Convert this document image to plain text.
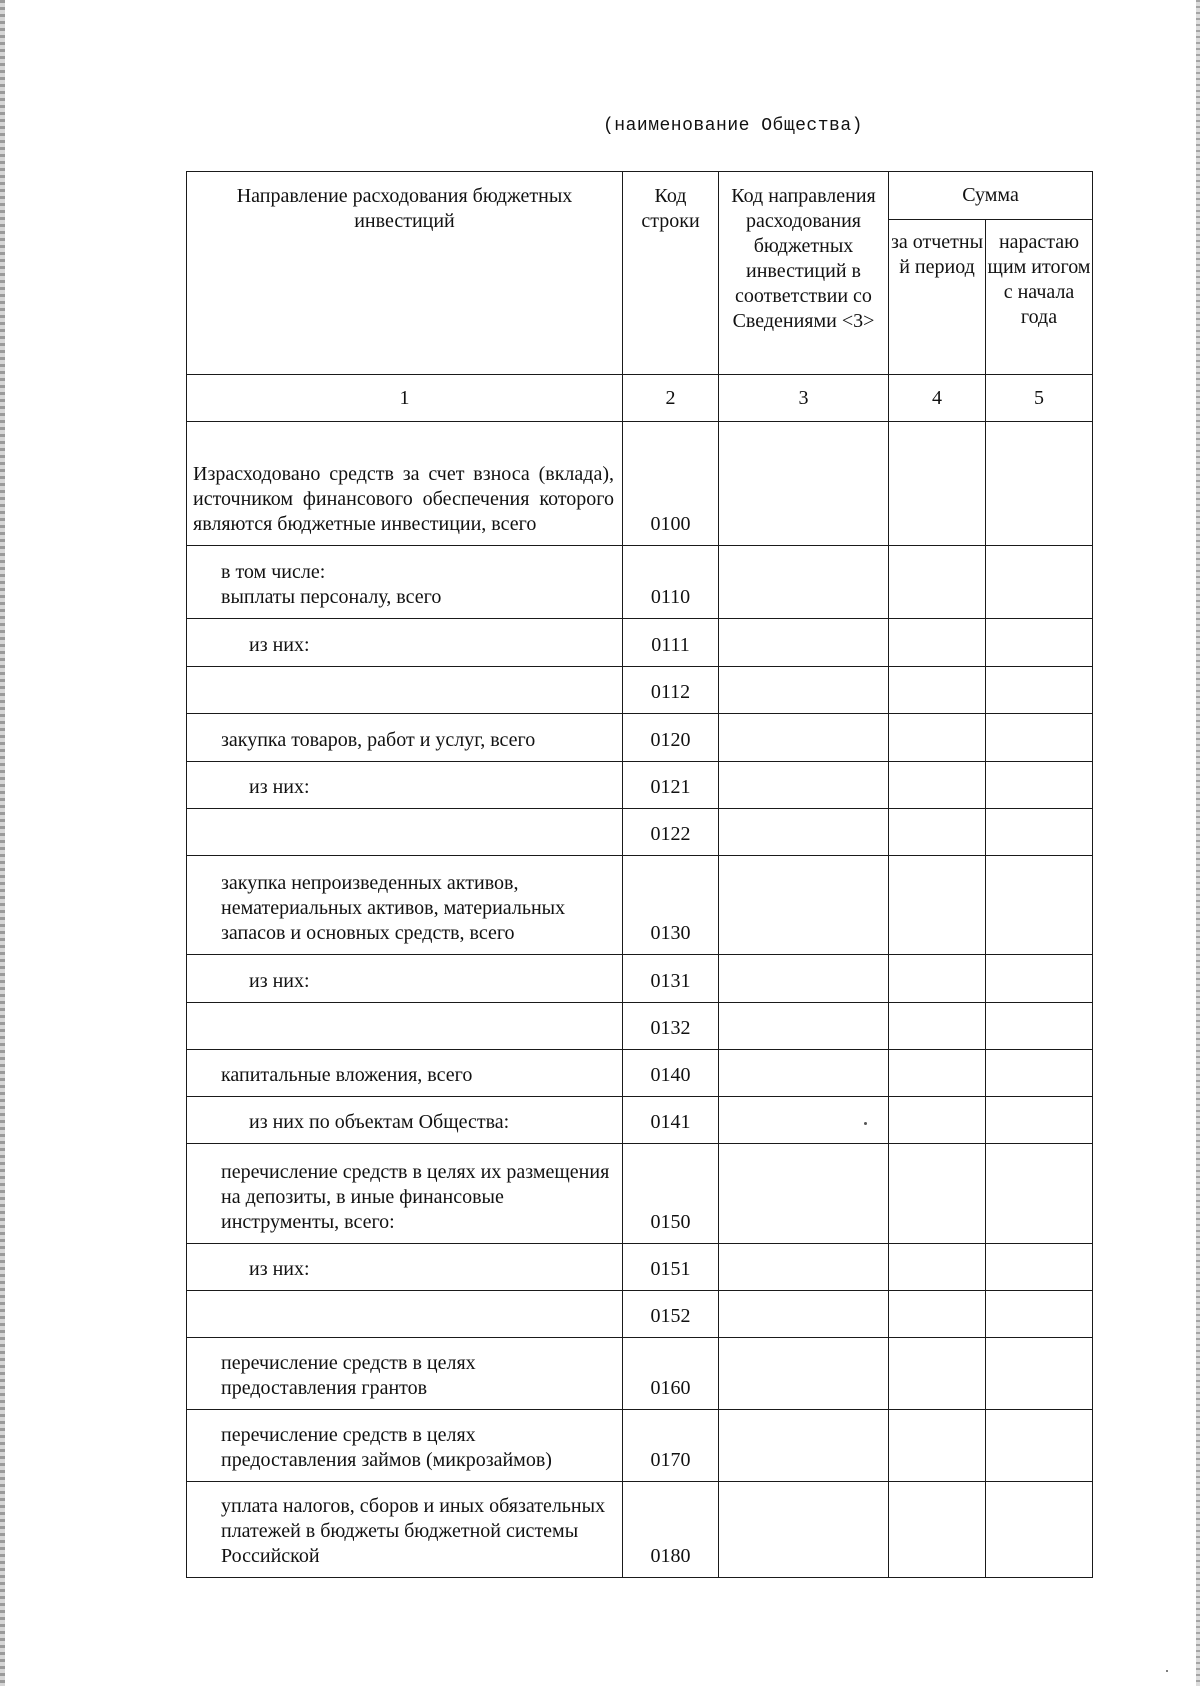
(наименование Общества)
Направление расходования бюджетных инвестиций	Код строки	Код направления расходования бюджетных инвестиций в соответствии со Сведениями <3>	Сумма	
			за отчетны й период	нарастаю щим итогом с начала года
1	2	3	4	5
Израсходовано средств за счет взноса (вклада), источником финансового обеспечения которого являются бюджетные инвестиции, всего	0100			
в том числе:
выплаты персоналу, всего	0110			
из них:	0111			
	0112			
закупка товаров, работ и услуг, всего	0120			
из них:	0121			
	0122			
закупка непроизведенных активов, нематериальных активов, материальных запасов и основных средств, всего	0130			
из них:	0131			
	0132			
капитальные вложения, всего	0140			
из них по объектам Общества:	0141			
перечисление средств в целях их размещения на депозиты, в иные финансовые инструменты, всего:	0150			
из них:	0151			
	0152			
перечисление средств в целях предоставления грантов	0160			
перечисление средств в целях предоставления займов (микрозаймов)	0170			
уплата налогов, сборов и иных обязательных платежей в бюджеты бюджетной системы Российской	0180			
